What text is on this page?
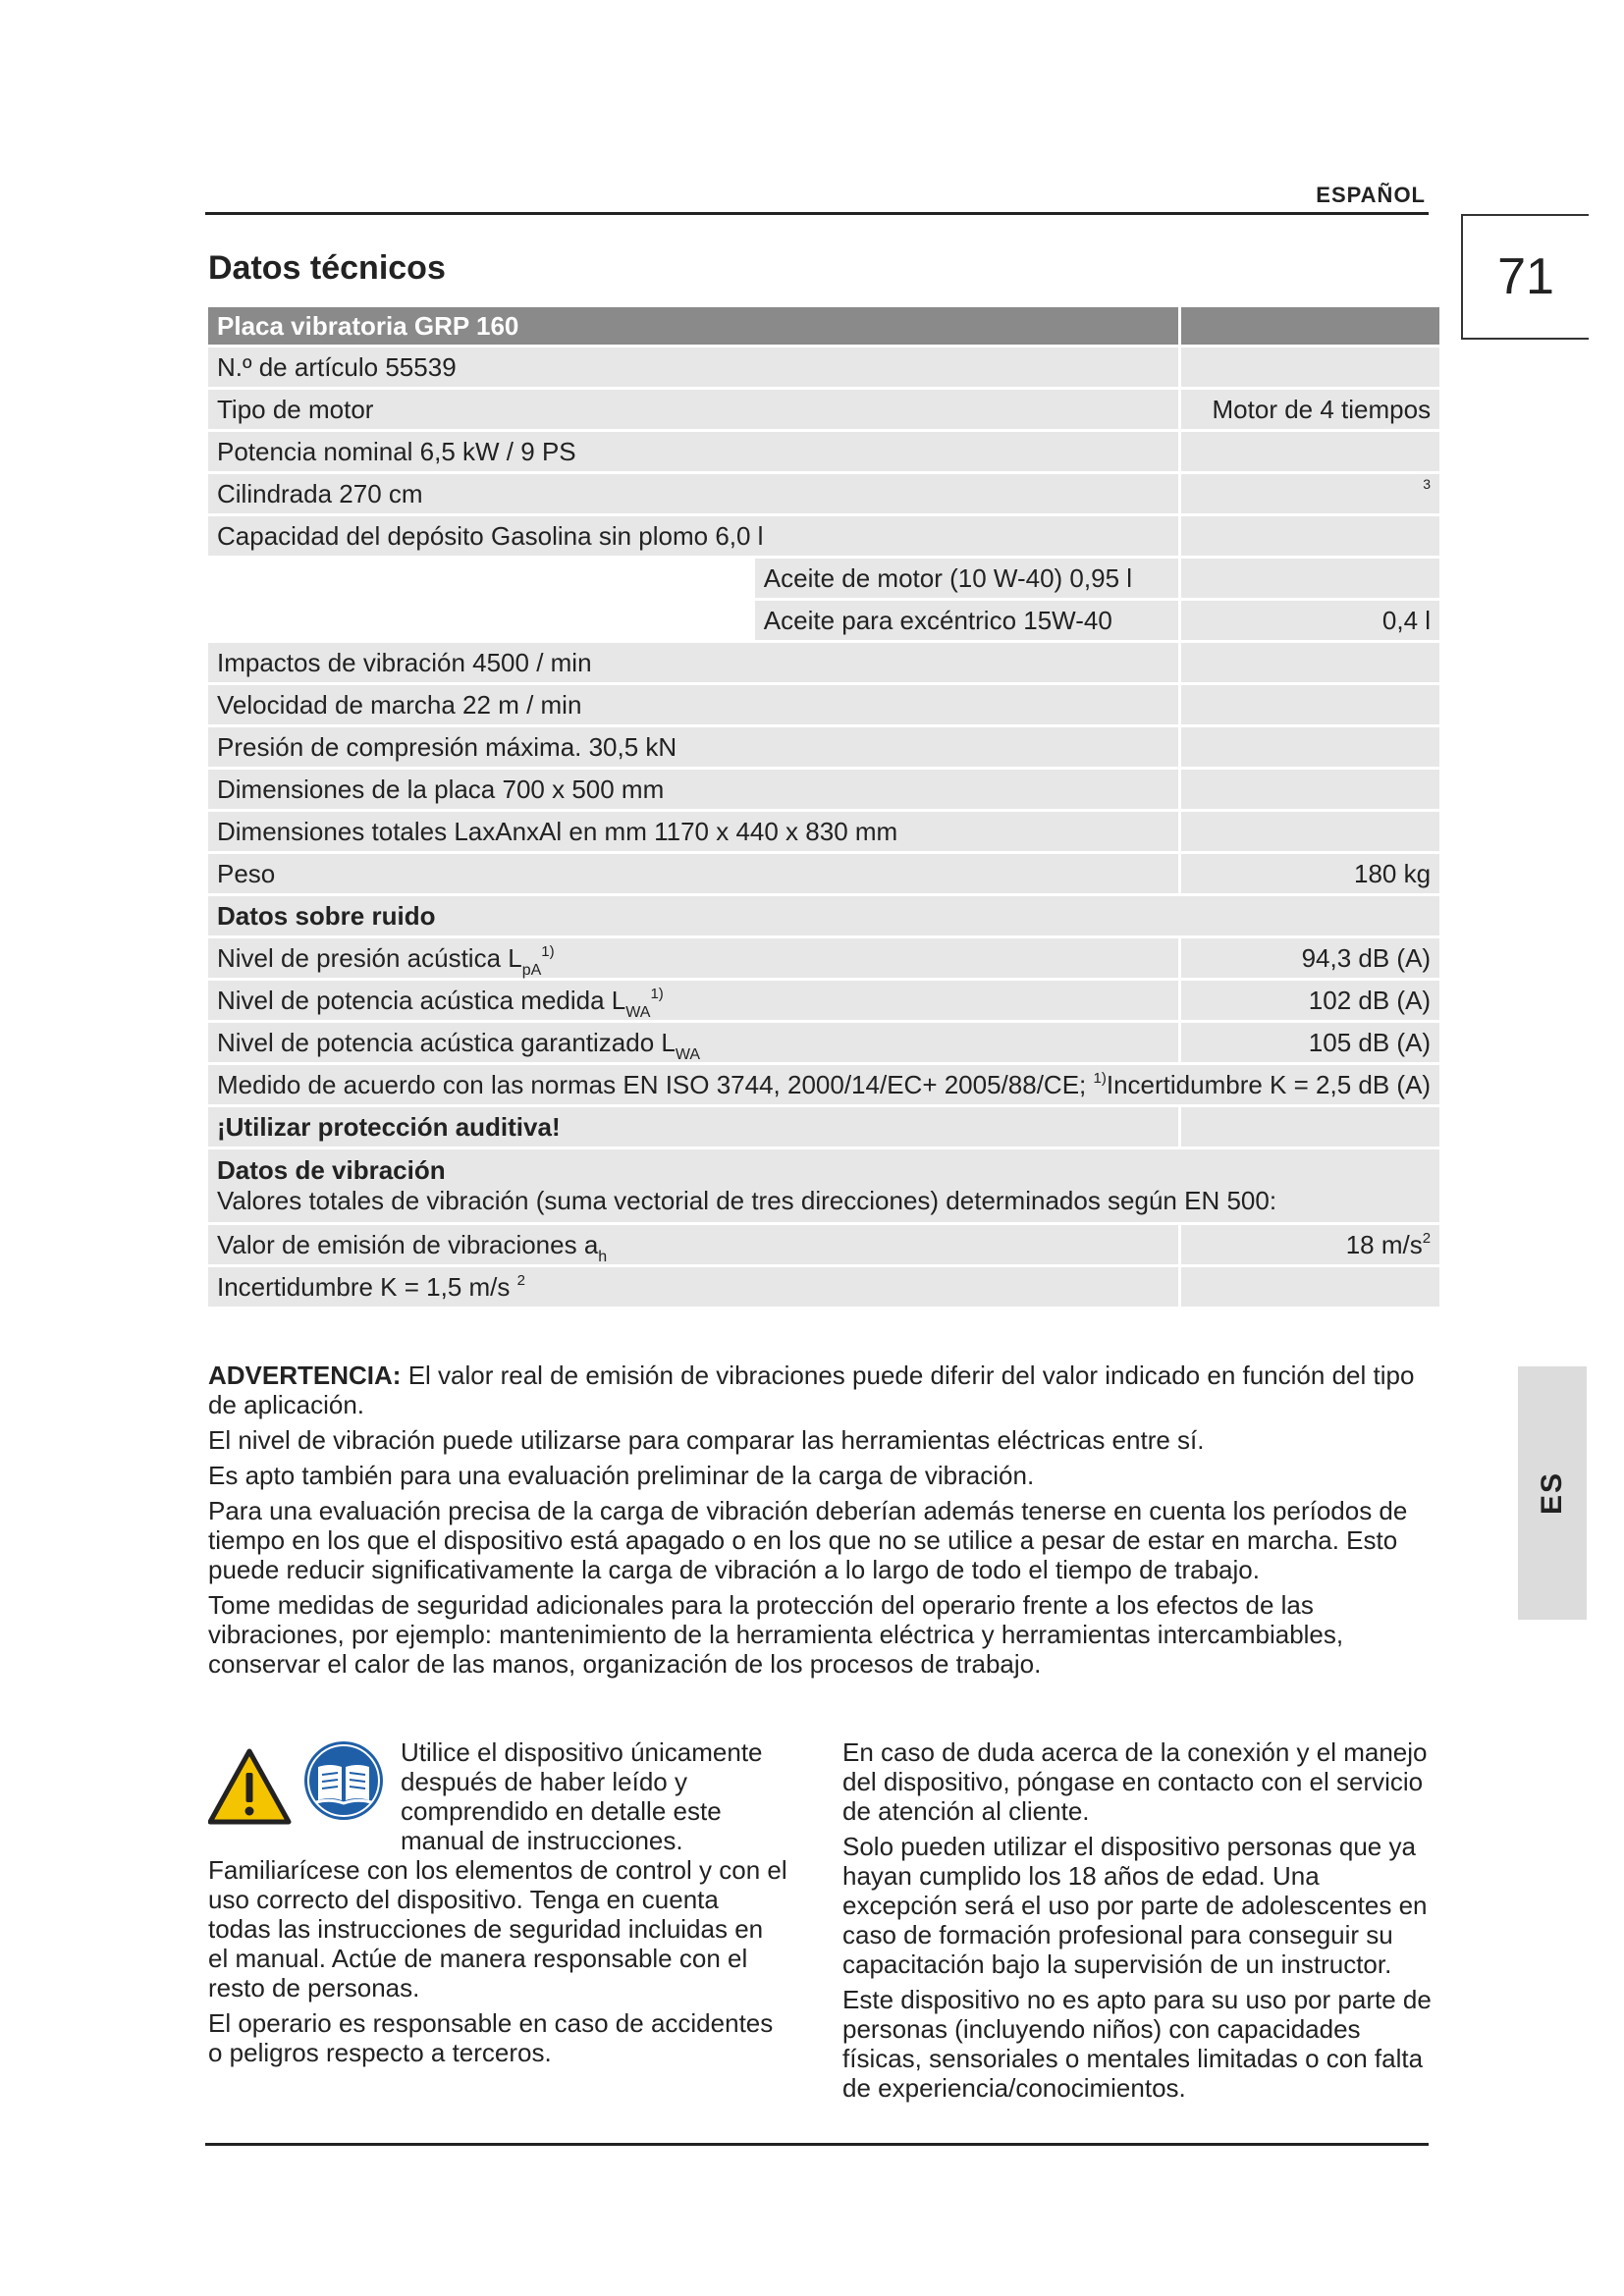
ESPAÑOL
71
ES
Datos técnicos
Placa vibratoria GRP 160		
N.º de artículo 55539		
Tipo de motor		Motor de 4 tiempos
Potencia nominal 6,5 kW / 9 PS		
Cilindrada 270 cm		$^3$
Capacidad del depósito Gasolina sin plomo 6,0 l		
	Aceite de motor (10 W-40) 0,95 l	
	Aceite para excéntrico 15W-40	0,4 l
Impactos de vibración 4500 / min		
Velocidad de marcha 22 m / min		
Presión de compresión máxima. 30,5 kN		
Dimensiones de la placa 700 x 500 mm		
Dimensiones totales LaxAnxAl en mm 1170 x 440 x 830 mm		
Peso		180 kg
Datos sobre ruido		
Nivel de presión acústica $L_{pA}^{1)}$		94,3 dB (A)
Nivel de potencia acústica medida $L_{WA}^{1)}$		102 dB (A)
Nivel de potencia acústica garantizado $L_{WA}$		105 dB (A)
Medido de acuerdo con las normas EN ISO 3744, 2000/14/EC+ 2005/88/CE; $^{1)}$Incertidumbre K = 2,5 dB (A)		
¡Utilizar protección auditiva!		

Datos de vibración
Valores totales de vibración (suma vectorial de tres direcciones) determinados según EN 500:		

Valor de emisión de vibraciones $a_h$		18 $m/s^2$
Incertidumbre K = 1,5 m/s $^2$	

ADVERTENCIA: El valor real de emisión de vibraciones puede diferir del valor indicado en función del tipo de aplicación.

El nivel de vibración puede utilizarse para comparar las herramientas eléctricas entre sí.

Es apto también para una evaluación preliminar de la carga de vibración.

Para una evaluación precisa de la carga de vibración deberían además tenerse en cuenta los períodos de tiempo en los que el dispositivo está apagado o en los que no se utilice a pesar de estar en marcha. Esto puede reducir significativamente la carga de vibración a lo largo de todo el tiempo de trabajo.

Tome medidas de seguridad adicionales para la protección del operario frente a los efectos de las vibraciones, por ejemplo: mantenimiento de la herramienta eléctrica y herramientas intercambiables, conservar el calor de las manos, organización de los procesos de trabajo.

Utilice el dispositivo únicamente después de haber leído y comprendido en detalle este manual de instrucciones. Familiarícese con los elementos de control y con el uso correcto del dispositivo. Tenga en cuenta todas las instrucciones de seguridad incluidas en el manual. Actúe de manera responsable con el resto de personas.

El operario es responsable en caso de accidentes o peligros respecto a terceros.

En caso de duda acerca de la conexión y el manejo del dispositivo, póngase en contacto con el servicio de atención al cliente.

Solo pueden utilizar el dispositivo personas que ya hayan cumplido los 18 años de edad. Una excepción será el uso por parte de adolescentes en caso de formación profesional para conseguir su capacitación bajo la supervisión de un instructor.

Este dispositivo no es apto para su uso por parte de personas (incluyendo niños) con capacidades físicas, sensoriales o mentales limitadas o con falta de experiencia/conocimientos.
